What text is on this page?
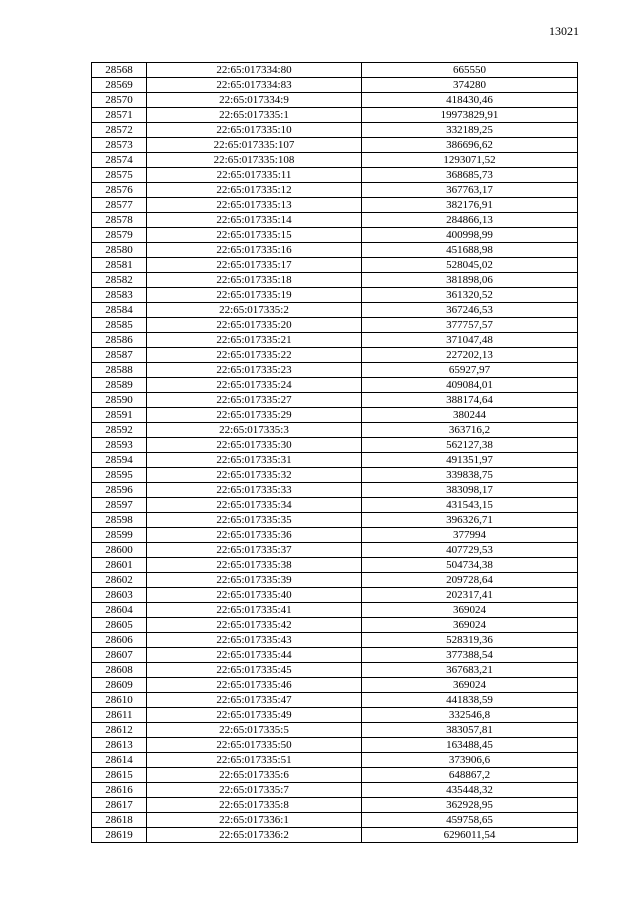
13021
28568	22:65:017334:80	665550
28569	22:65:017334:83	374280
28570	22:65:017334:9	418430,46
28571	22:65:017335:1	19973829,91
28572	22:65:017335:10	332189,25
28573	22:65:017335:107	386696,62
28574	22:65:017335:108	1293071,52
28575	22:65:017335:11	368685,73
28576	22:65:017335:12	367763,17
28577	22:65:017335:13	382176,91
28578	22:65:017335:14	284866,13
28579	22:65:017335:15	400998,99
28580	22:65:017335:16	451688,98
28581	22:65:017335:17	528045,02
28582	22:65:017335:18	381898,06
28583	22:65:017335:19	361320,52
28584	22:65:017335:2	367246,53
28585	22:65:017335:20	377757,57
28586	22:65:017335:21	371047,48
28587	22:65:017335:22	227202,13
28588	22:65:017335:23	65927,97
28589	22:65:017335:24	409084,01
28590	22:65:017335:27	388174,64
28591	22:65:017335:29	380244
28592	22:65:017335:3	363716,2
28593	22:65:017335:30	562127,38
28594	22:65:017335:31	491351,97
28595	22:65:017335:32	339838,75
28596	22:65:017335:33	383098,17
28597	22:65:017335:34	431543,15
28598	22:65:017335:35	396326,71
28599	22:65:017335:36	377994
28600	22:65:017335:37	407729,53
28601	22:65:017335:38	504734,38
28602	22:65:017335:39	209728,64
28603	22:65:017335:40	202317,41
28604	22:65:017335:41	369024
28605	22:65:017335:42	369024
28606	22:65:017335:43	528319,36
28607	22:65:017335:44	377388,54
28608	22:65:017335:45	367683,21
28609	22:65:017335:46	369024
28610	22:65:017335:47	441838,59
28611	22:65:017335:49	332546,8
28612	22:65:017335:5	383057,81
28613	22:65:017335:50	163488,45
28614	22:65:017335:51	373906,6
28615	22:65:017335:6	648867,2
28616	22:65:017335:7	435448,32
28617	22:65:017335:8	362928,95
28618	22:65:017336:1	459758,65
28619	22:65:017336:2	6296011,54
